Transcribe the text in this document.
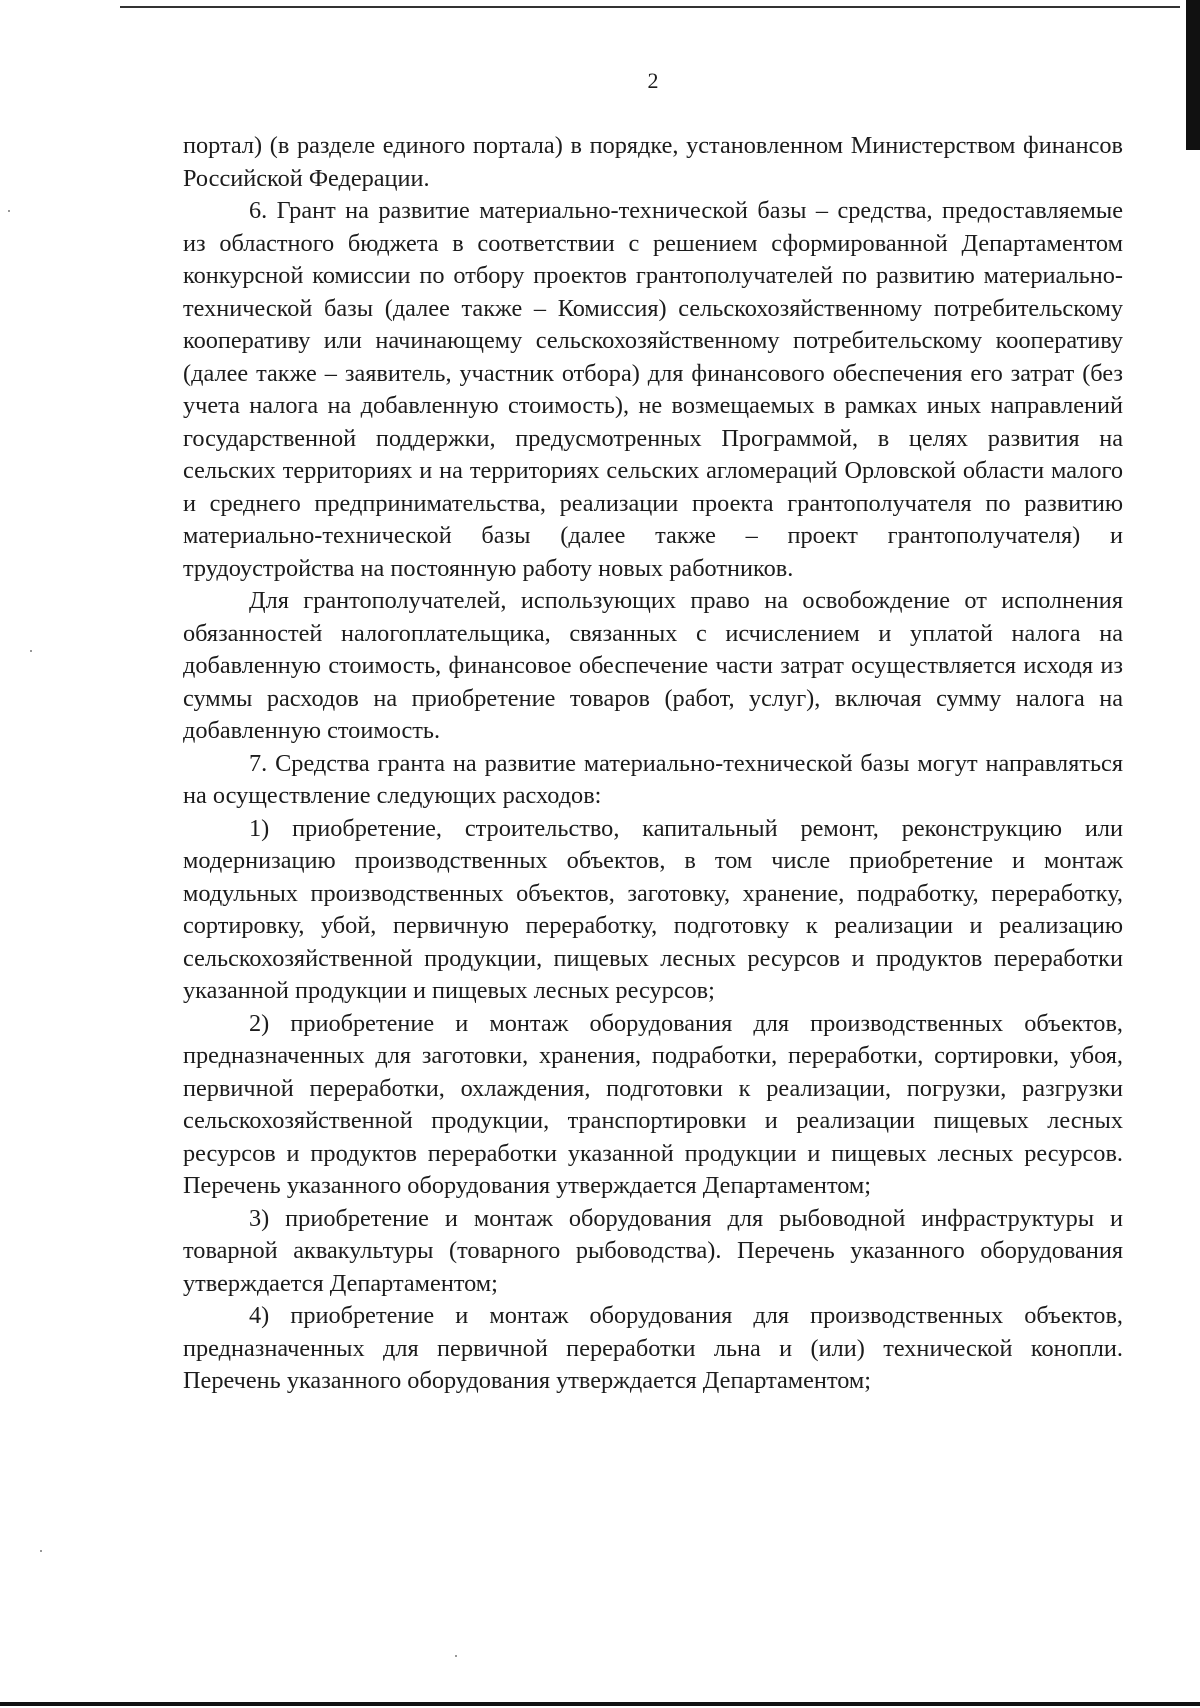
2

портал) (в разделе единого портала) в порядке, установленном Министерством финансов Российской Федерации.

6. Грант на развитие материально-технической базы – средства, предоставляемые из областного бюджета в соответствии с решением сформированной Департаментом конкурсной комиссии по отбору проектов грантополучателей по развитию материально-технической базы (далее также – Комиссия) сельскохозяйственному потребительскому кооперативу или начинающему сельскохозяйственному потребительскому кооперативу (далее также – заявитель, участник отбора) для финансового обеспечения его затрат (без учета налога на добавленную стоимость), не возмещаемых в рамках иных направлений государственной поддержки, предусмотренных Программой, в целях развития на сельских территориях и на территориях сельских агломераций Орловской области малого и среднего предпринимательства, реализации проекта грантополучателя по развитию материально-технической базы (далее также – проект грантополучателя) и трудоустройства на постоянную работу новых работников.

Для грантополучателей, использующих право на освобождение от исполнения обязанностей налогоплательщика, связанных с исчислением и уплатой налога на добавленную стоимость, финансовое обеспечение части затрат осуществляется исходя из суммы расходов на приобретение товаров (работ, услуг), включая сумму налога на добавленную стоимость.

7. Средства гранта на развитие материально-технической базы могут направляться на осуществление следующих расходов:

1) приобретение, строительство, капитальный ремонт, реконструкцию или модернизацию производственных объектов, в том числе приобретение и монтаж модульных производственных объектов, заготовку, хранение, подработку, переработку, сортировку, убой, первичную переработку, подготовку к реализации и реализацию сельскохозяйственной продукции, пищевых лесных ресурсов и продуктов переработки указанной продукции и пищевых лесных ресурсов;

2) приобретение и монтаж оборудования для производственных объектов, предназначенных для заготовки, хранения, подработки, переработки, сортировки, убоя, первичной переработки, охлаждения, подготовки к реализации, погрузки, разгрузки сельскохозяйственной продукции, транспортировки и реализации пищевых лесных ресурсов и продуктов переработки указанной продукции и пищевых лесных ресурсов. Перечень указанного оборудования утверждается Департаментом;

3) приобретение и монтаж оборудования для рыбоводной инфраструктуры и товарной аквакультуры (товарного рыбоводства). Перечень указанного оборудования утверждается Департаментом;

4) приобретение и монтаж оборудования для производственных объектов, предназначенных для первичной переработки льна и (или) технической конопли. Перечень указанного оборудования утверждается Департаментом;
